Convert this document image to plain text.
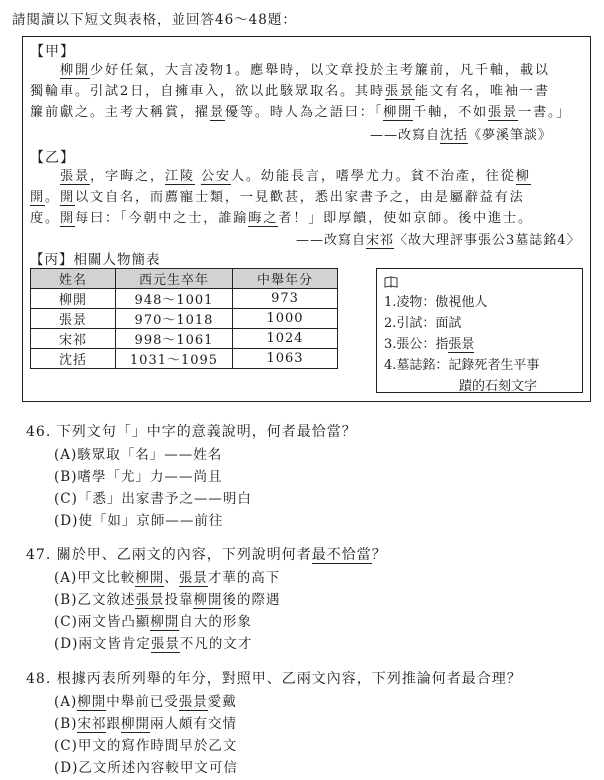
請閱讀以下短文與表格，並回答46～48題：
【甲】
柳開少好任氣，大言凌物1。應舉時，以文章投於主考簾前，凡千軸，載以
獨輪車。引試2日，自擁車入，欲以此駭眾取名。其時張景能文有名，唯袖一書
簾前獻之。主考大稱賞，擢景優等。時人為之語曰：「柳開千軸，不如張景一書。」
——改寫自沈括《夢溪筆談》
【乙】
張景，字晦之，江陵 公安人。幼能長言，嗜學尤力。貧不治產，往從柳
開。開以文自名，而薦寵士類，一見歡甚，悉出家書予之，由是屬辭益有法
度。開每曰：「今朝中之士，誰踰晦之者！」即厚饋，使如京師。後中進士。
——改寫自宋祁〈故大理評事張公3墓誌銘4〉
【丙】相關人物簡表
姓名	西元生卒年	中舉年分
柳開	948～1001	973
張景	970～1018	1000
宋祁	998～1061	1024
沈括	1031～1095	1063
1.凌物：傲視他人
2.引試：面試
3.張公：指張景
4.墓誌銘：記錄死者生平事
蹟的石刻文字
46. 下列文句「」中字的意義說明，何者最恰當？
(A)駭眾取「名」——姓名
(B)嗜學「尤」力——尚且
(C)「悉」出家書予之——明白
(D)使「如」京師——前往
47. 關於甲、乙兩文的內容，下列說明何者最不恰當？
(A)甲文比較柳開、張景才華的高下
(B)乙文敘述張景投靠柳開後的際遇
(C)兩文皆凸顯柳開自大的形象
(D)兩文皆肯定張景不凡的文才
48. 根據丙表所列舉的年分，對照甲、乙兩文內容，下列推論何者最合理？
(A)柳開中舉前已受張景愛戴
(B)宋祁跟柳開兩人頗有交情
(C)甲文的寫作時間早於乙文
(D)乙文所述內容較甲文可信
